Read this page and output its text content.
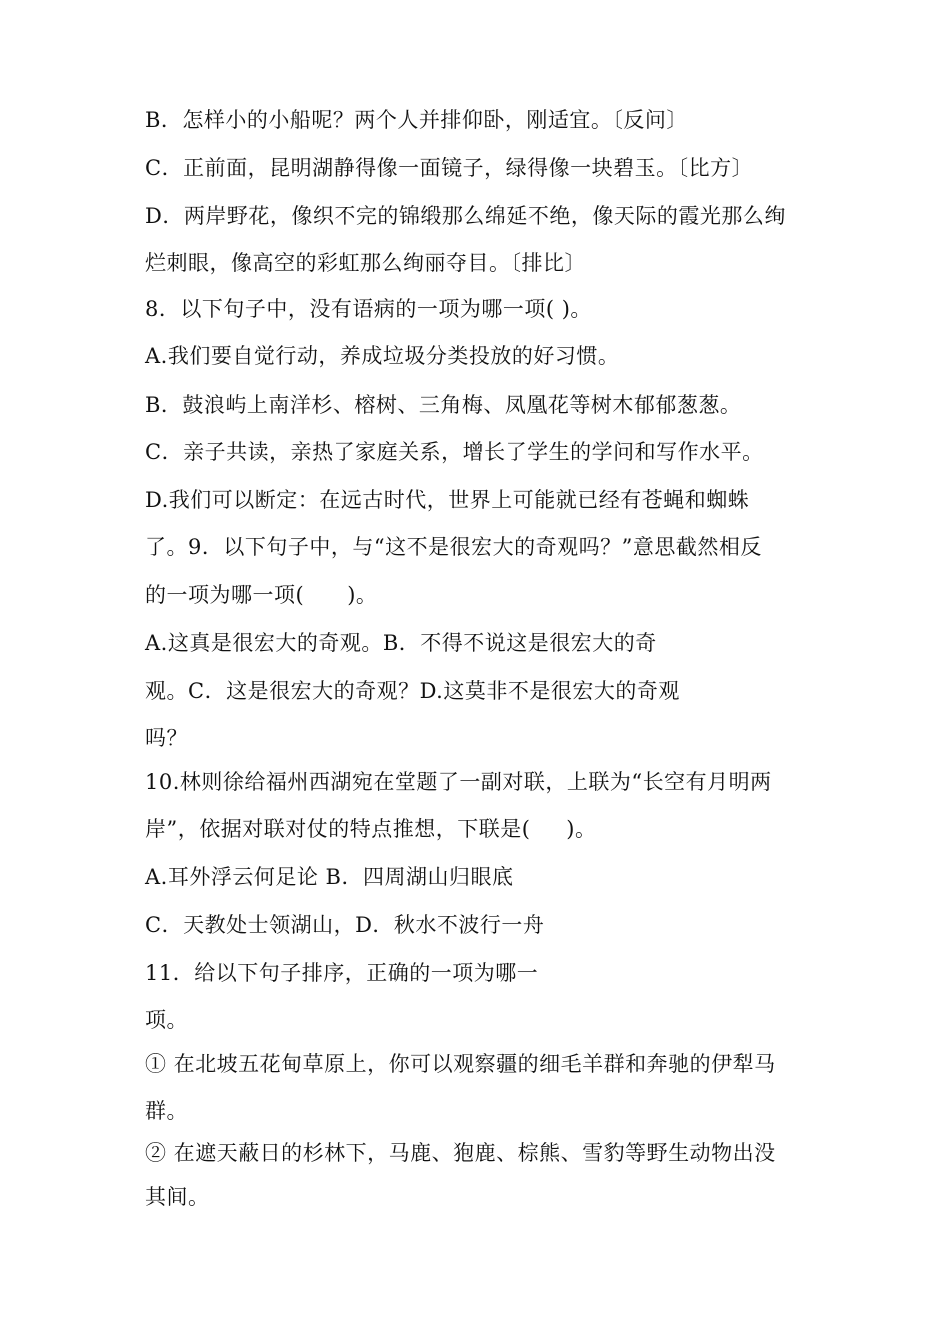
B．怎样小的小船呢？两个人并排仰卧，刚适宜。〔反问〕
C．正前面，昆明湖静得像一面镜子，绿得像一块碧玉。〔比方〕
D．两岸野花，像织不完的锦缎那么绵延不绝，像天际的霞光那么绚
烂刺眼，像高空的彩虹那么绚丽夺目。〔排比〕
8．以下句子中，没有语病的一项为哪一项( )。
A.我们要自觉行动，养成垃圾分类投放的好习惯。
B．鼓浪屿上南洋杉、榕树、三角梅、凤凰花等树木郁郁葱葱。
C．亲子共读，亲热了家庭关系，增长了学生的学问和写作水平。
D.我们可以断定：在远古时代，世界上可能就已经有苍蝇和蜘蛛
了。9．以下句子中，与“这不是很宏大的奇观吗？”意思截然相反
的一项为哪一项(      )。
A.这真是很宏大的奇观。B．不得不说这是很宏大的奇
观。C．这是很宏大的奇观？D.这莫非不是很宏大的奇观
吗？
10.林则徐给福州西湖宛在堂题了一副对联，上联为“长空有月明两
岸”，依据对联对仗的特点推想，下联是(     )。
A.耳外浮云何足论 B．四周湖山归眼底
C．天教处士领湖山，D．秋水不波行一舟
11．给以下句子排序，正确的一项为哪一
项。
① 在北坡五花甸草原上，你可以观察疆的细毛羊群和奔驰的伊犁马
群。
② 在遮天蔽日的杉林下，马鹿、狍鹿、棕熊、雪豹等野生动物出没
其间。
